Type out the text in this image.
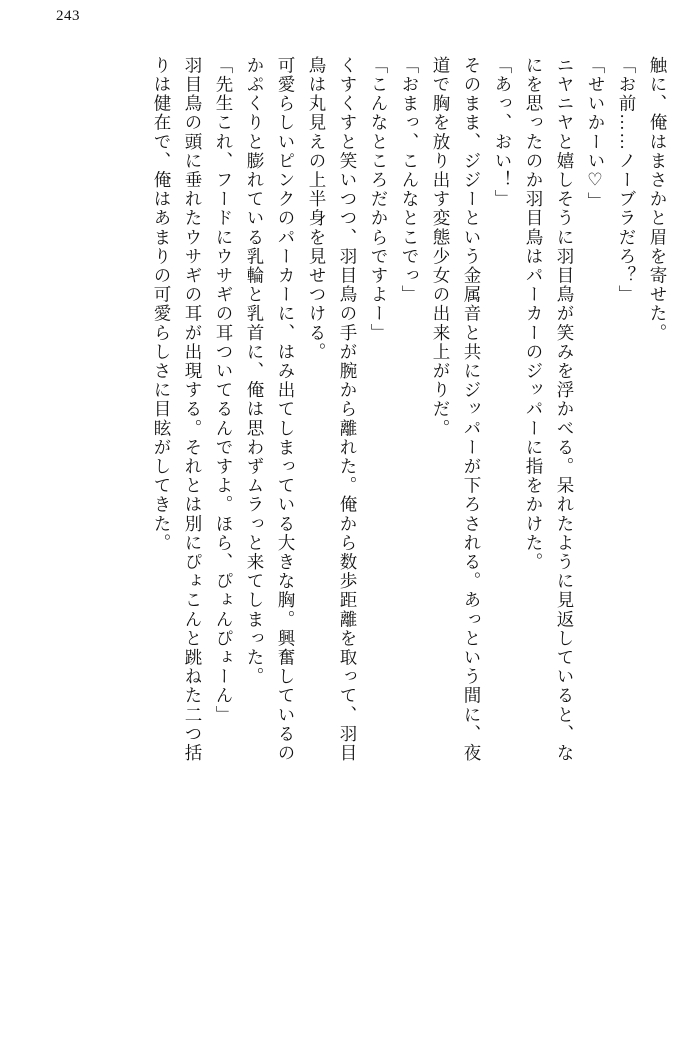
243
触に、俺はまさかと眉を寄せた。
「お前……ノーブラだろ？」
「せいかーい♡」
ニヤニヤと嬉しそうに羽目鳥が笑みを浮かべる。呆れたように見返していると、な
にを思ったのか羽目鳥はパーカーのジッパーに指をかけた。
「あっ、おい！」
そのまま、ジジーという金属音と共にジッパーが下ろされる。あっという間に、夜
道で胸を放り出す変態少女の出来上がりだ。
「おまっ、こんなとこでっ」
「こんなところだからですよー」
くすくすと笑いつつ、羽目鳥の手が腕から離れた。俺から数歩距離を取って、羽目
鳥は丸見えの上半身を見せつける。
可愛らしいピンクのパーカーに、はみ出てしまっている大きな胸。興奮しているの
かぷくりと膨れている乳輪と乳首に、俺は思わずムラっと来てしまった。
「先生これ、フードにウサギの耳ついてるんですよ。ほら、ぴょんぴょーん」
羽目鳥の頭に垂れたウサギの耳が出現する。それとは別にぴょこんと跳ねた二つ括
りは健在で、俺はあまりの可愛らしさに目眩がしてきた。
